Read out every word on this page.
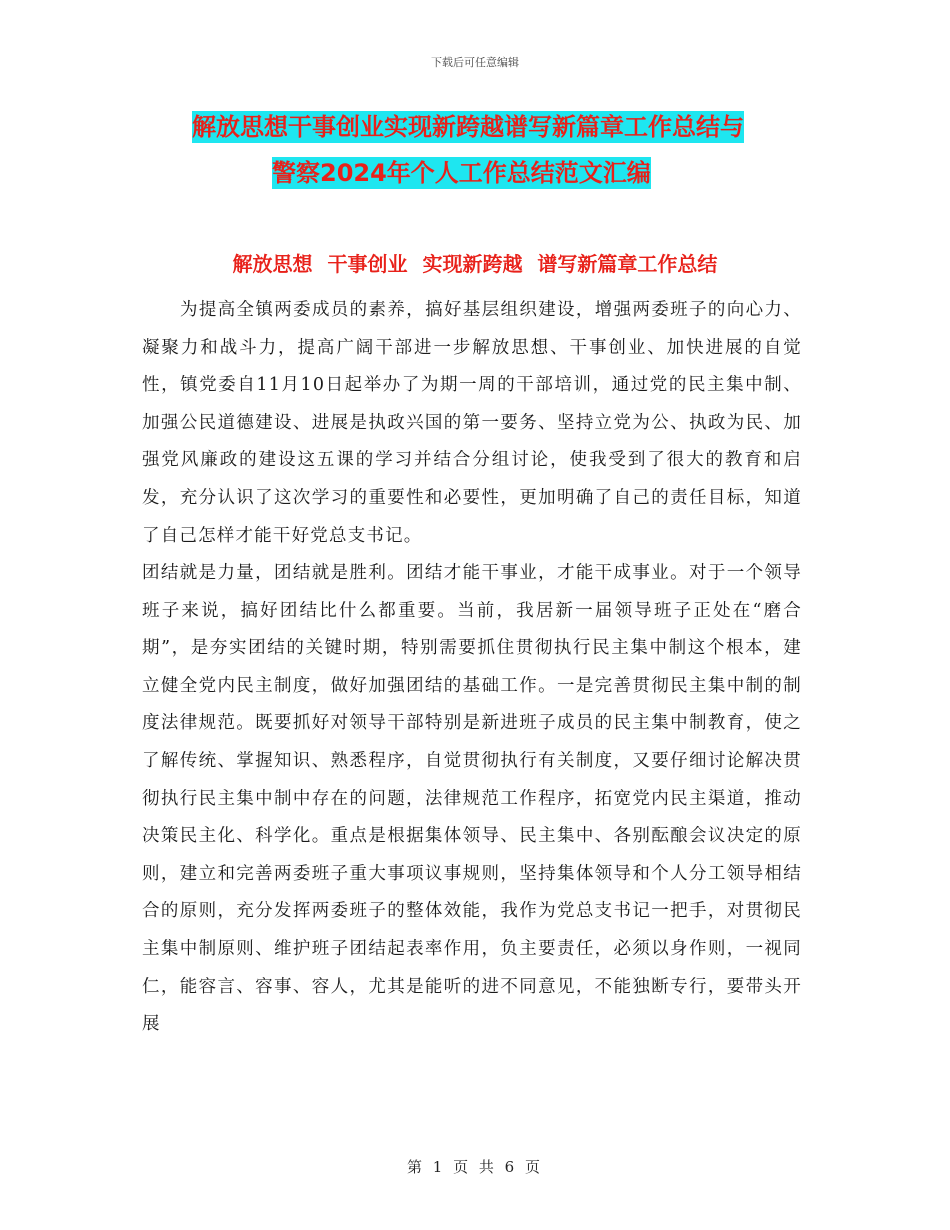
下载后可任意编辑
解放思想干事创业实现新跨越谱写新篇章工作总结与
警察2024年个人工作总结范文汇编
解放思想 干事创业 实现新跨越 谱写新篇章工作总结
为提高全镇两委成员的素养，搞好基层组织建设，增强两委班子的向心力、凝聚力和战斗力，提高广阔干部进一步解放思想、干事创业、加快进展的自觉性，镇党委自11月10日起举办了为期一周的干部培训，通过党的民主集中制、加强公民道德建设、进展是执政兴国的第一要务、坚持立党为公、执政为民、加强党风廉政的建设这五课的学习并结合分组讨论，使我受到了很大的教育和启发，充分认识了这次学习的重要性和必要性，更加明确了自己的责任目标，知道了自己怎样才能干好党总支书记。
团结就是力量，团结就是胜利。团结才能干事业，才能干成事业。对于一个领导班子来说，搞好团结比什么都重要。当前，我居新一届领导班子正处在“磨合期”，是夯实团结的关键时期，特别需要抓住贯彻执行民主集中制这个根本，建立健全党内民主制度，做好加强团结的基础工作。一是完善贯彻民主集中制的制度法律规范。既要抓好对领导干部特别是新进班子成员的民主集中制教育，使之了解传统、掌握知识、熟悉程序，自觉贯彻执行有关制度，又要仔细讨论解决贯彻执行民主集中制中存在的问题，法律规范工作程序，拓宽党内民主渠道，推动决策民主化、科学化。重点是根据集体领导、民主集中、各别酝酿会议决定的原则，建立和完善两委班子重大事项议事规则，坚持集体领导和个人分工领导相结合的原则，充分发挥两委班子的整体效能，我作为党总支书记一把手，对贯彻民主集中制原则、维护班子团结起表率作用，负主要责任，必须以身作则，一视同仁，能容言、容事、容人，尤其是能听的进不同意见，不能独断专行，要带头开展
第 1 页 共 6 页
